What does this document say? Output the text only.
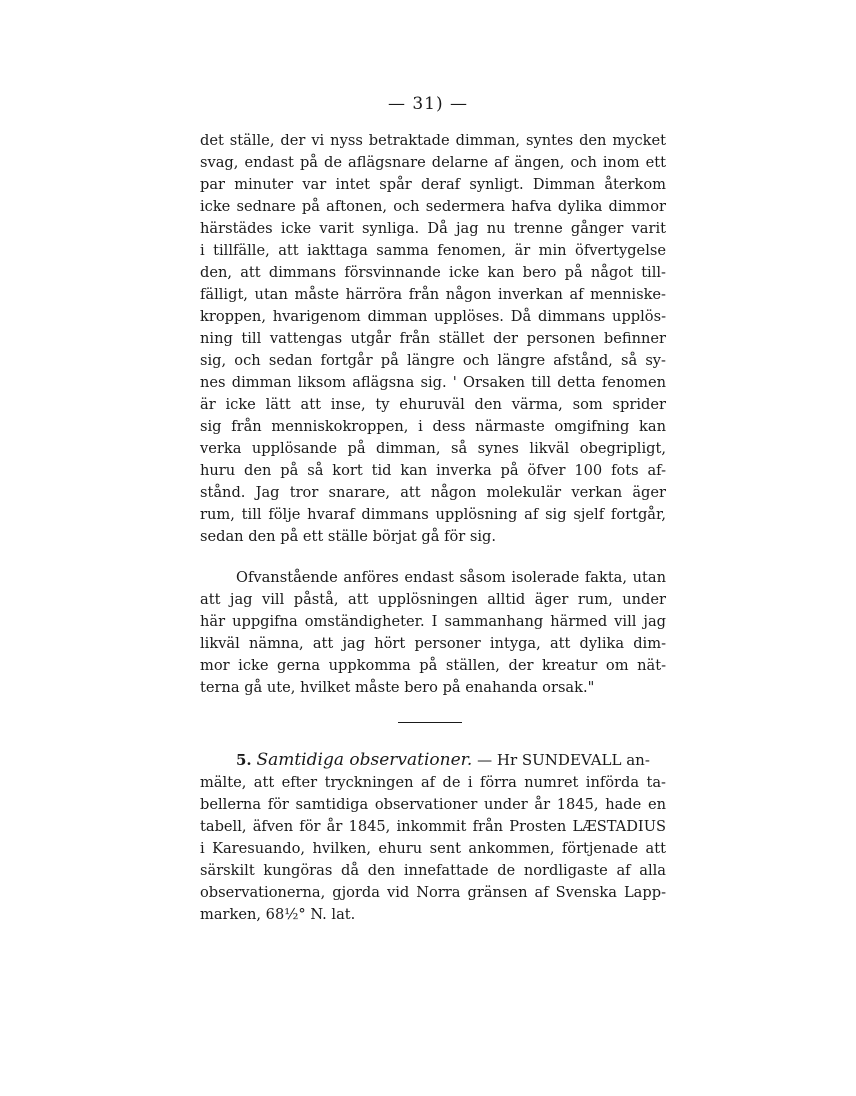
— 31) —
det ställe, der vi nyss betraktade dimman, syntes den mycket
svag, endast på de aflägsnare delarne af ängen, och inom ett
par minuter var intet spår deraf synligt. Dimman återkom
icke sednare på aftonen, och sedermera hafva dylika dimmor
härstädes icke varit synliga. Då jag nu trenne gånger varit
i tillfälle, att iakttaga samma fenomen, är min öfvertygelse
den, att dimmans försvinnande icke kan bero på något till-
fälligt, utan måste härröra från någon inverkan af menniske-
kroppen, hvarigenom dimman upplöses. Då dimmans upplös-
ning till vattengas utgår från stället der personen befinner
sig, och sedan fortgår på längre och längre afstånd, så sy-
nes dimman liksom aflägsna sig. ' Orsaken till detta fenomen
är icke lätt att inse, ty ehuruväl den värma, som sprider
sig från menniskokroppen, i dess närmaste omgifning kan
verka upplösande på dimman, så synes likväl obegripligt,
huru den på så kort tid kan inverka på öfver 100 fots af-
stånd. Jag tror snarare, att någon molekulär verkan äger
rum, till följe hvaraf dimmans upplösning af sig sjelf fortgår,
sedan den på ett ställe börjat gå för sig.
Ofvanstående anföres endast såsom isolerade fakta, utan
att jag vill påstå, att upplösningen alltid äger rum, under
här uppgifna omständigheter. I sammanhang härmed vill jag
likväl nämna, att jag hört personer intyga, att dylika dim-
mor icke gerna uppkomma på ställen, der kreatur om nät-
terna gå ute, hvilket måste bero på enahanda orsak."
5. Samtidiga observationer. — Hr SUNDEVALL an-
mälte, att efter tryckningen af de i förra numret införda ta-
bellerna för samtidiga observationer under år 1845, hade en
tabell, äfven för år 1845, inkommit från Prosten LÆSTADIUS
i Karesuando, hvilken, ehuru sent ankommen, förtjenade att
särskilt kungöras då den innefattade de nordligaste af alla
observationerna, gjorda vid Norra gränsen af Svenska Lapp-
marken, 68½° N. lat.
